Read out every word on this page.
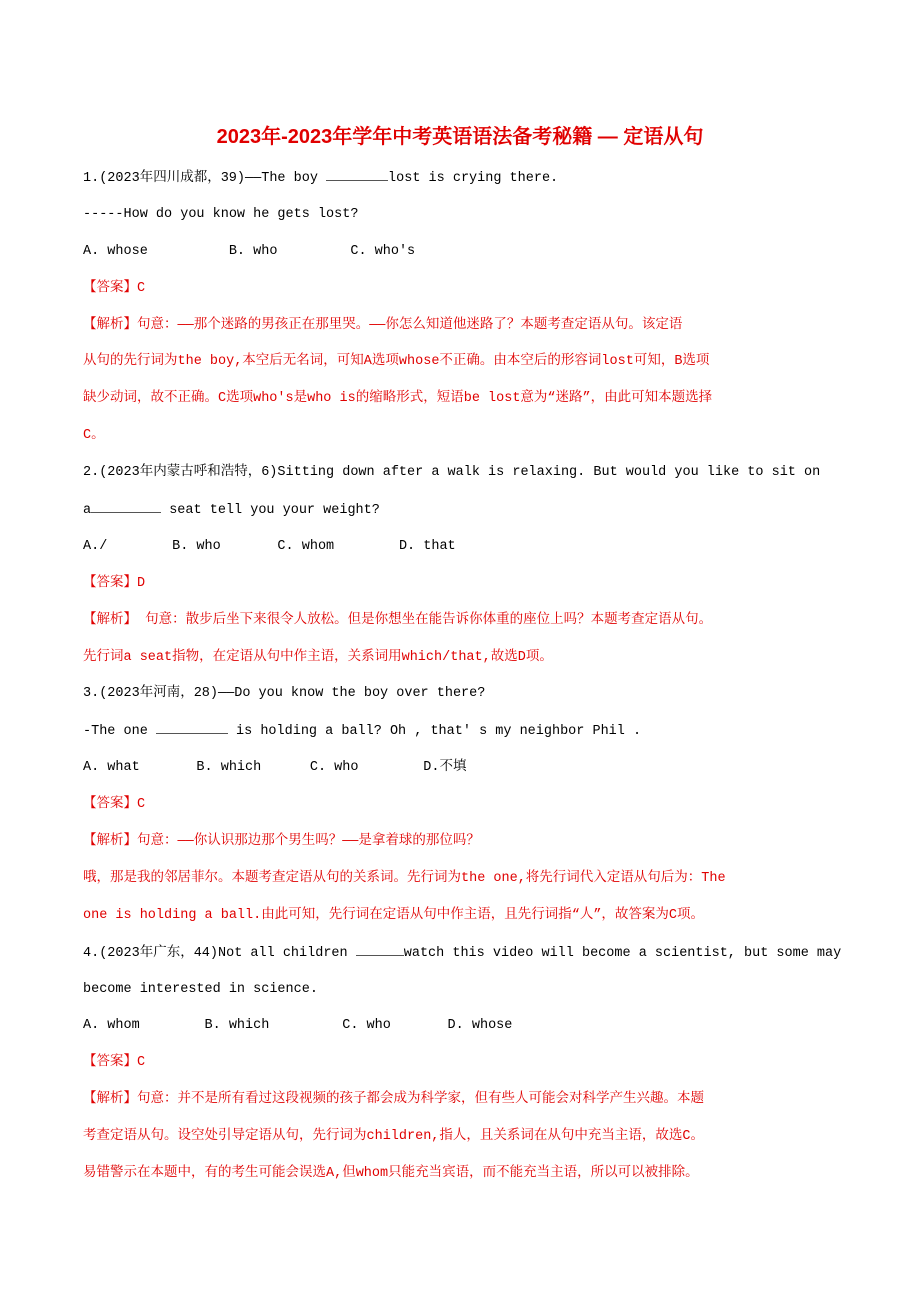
2023年-2023年学年中考英语语法备考秘籍 — 定语从句
1.(2023年四川成都，39)——The boy	lost is crying there.
-----How do you know he gets lost?
A. whose          B. who         C. who's
【答案】C
【解析】句意：——那个迷路的男孩正在那里哭。——你怎么知道他迷路了？本题考查定语从句。该定语
从句的先行词为the boy,本空后无名词，可知A选项whose不正确。由本空后的形容词lost可知，B选项
缺少动词，故不正确。C选项who's是who is的缩略形式，短语be lost意为“迷路”，由此可知本题选择
C。
2.(2023年内蒙古呼和浩特，6)Sitting down after a walk is relaxing. But would you like to sit on
a	seat tell you your weight?
A./        B. who       C. whom        D. that
【答案】D
【解析】 句意：散步后坐下来很令人放松。但是你想坐在能告诉你体重的座位上吗？本题考查定语从句。
先行词a seat指物，在定语从句中作主语，关系词用which/that,故选D项。
3.(2023年河南，28)——Do you know the boy over there?
-The one	is holding a ball? Oh , that' s my neighbor Phil .
A. what       B. which      C. who        D.不填
【答案】C
【解析】句意：——你认识那边那个男生吗？——是拿着球的那位吗？
哦，那是我的邻居菲尔。本题考查定语从句的关系词。先行词为the one,将先行词代入定语从句后为：The
one is holding a ball.由此可知，先行词在定语从句中作主语，且先行词指“人”，故答案为C项。
4.(2023年广东，44)Not all children	watch this video will become a scientist, but some may
become interested in science.
A. whom        B. which         C. who       D. whose
【答案】C
【解析】句意：并不是所有看过这段视频的孩子都会成为科学家，但有些人可能会对科学产生兴趣。本题
考查定语从句。设空处引导定语从句，先行词为children,指人，且关系词在从句中充当主语，故选C。
易错警示在本题中，有的考生可能会误选A,但whom只能充当宾语，而不能充当主语，所以可以被排除。
